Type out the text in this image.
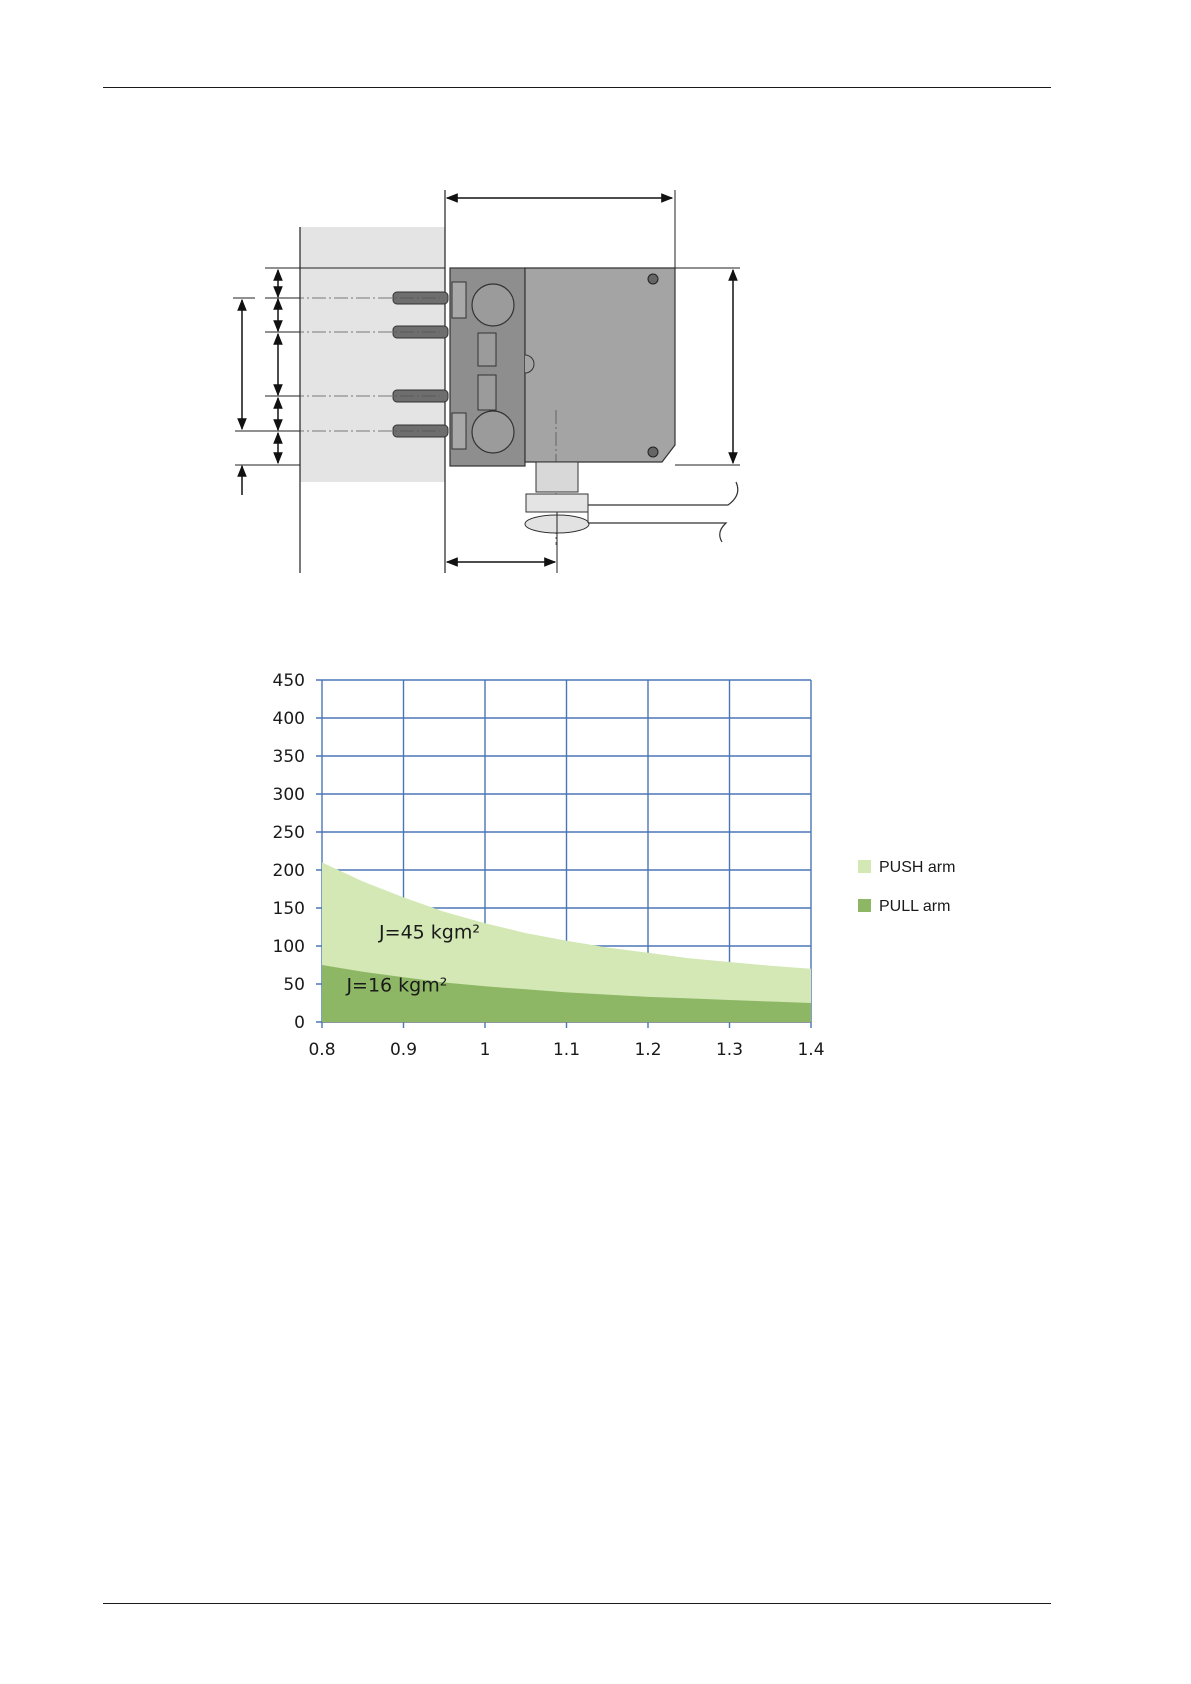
0
50
100
150
200
250
300
350
400
450
0.8	0.9	1	1.1	1.2	1.3	1.4
J=45 kgm²
J=16 kgm²
PUSH arm
PULL arm
